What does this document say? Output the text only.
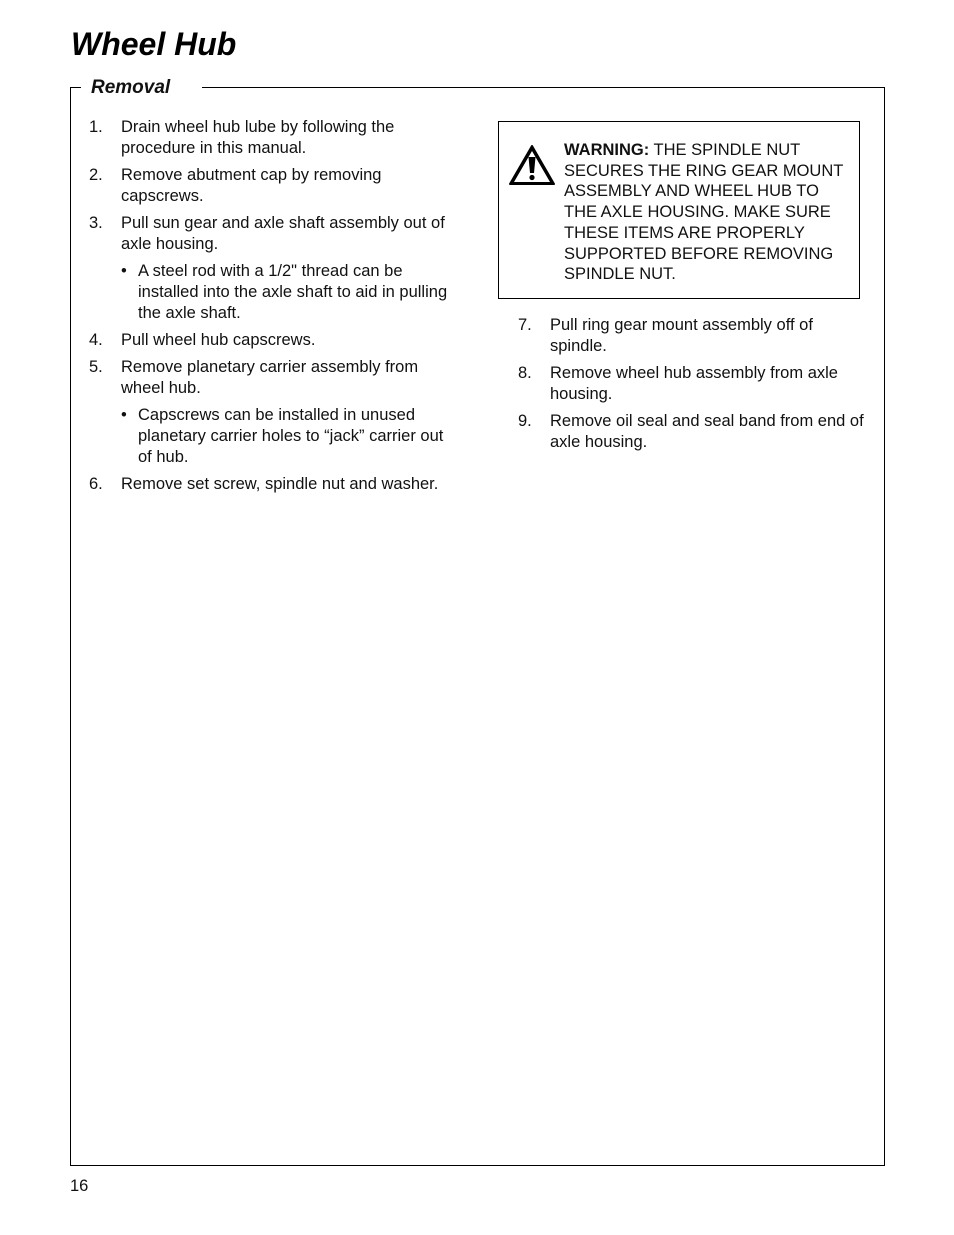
Wheel Hub
Removal
1. Drain wheel hub lube by following the procedure in this manual.
2. Remove abutment cap by removing capscrews.
3. Pull sun gear and axle shaft assembly out of axle housing.
• A steel rod with a 1/2" thread can be installed into the axle shaft to aid in pulling the axle shaft.
4. Pull wheel hub capscrews.
5. Remove planetary carrier assembly from wheel hub.
• Capscrews can be installed in unused planetary carrier holes to “jack” carrier out of hub.
6. Remove set screw, spindle nut and washer.

WARNING: THE SPINDLE NUT SECURES THE RING GEAR MOUNT ASSEMBLY AND WHEEL HUB TO THE AXLE HOUSING. MAKE SURE THESE ITEMS ARE PROPERLY SUPPORTED BEFORE REMOVING SPINDLE NUT.

7. Pull ring gear mount assembly off of spindle.
8. Remove wheel hub assembly from axle housing.
9. Remove oil seal and seal band from end of axle housing.
16
